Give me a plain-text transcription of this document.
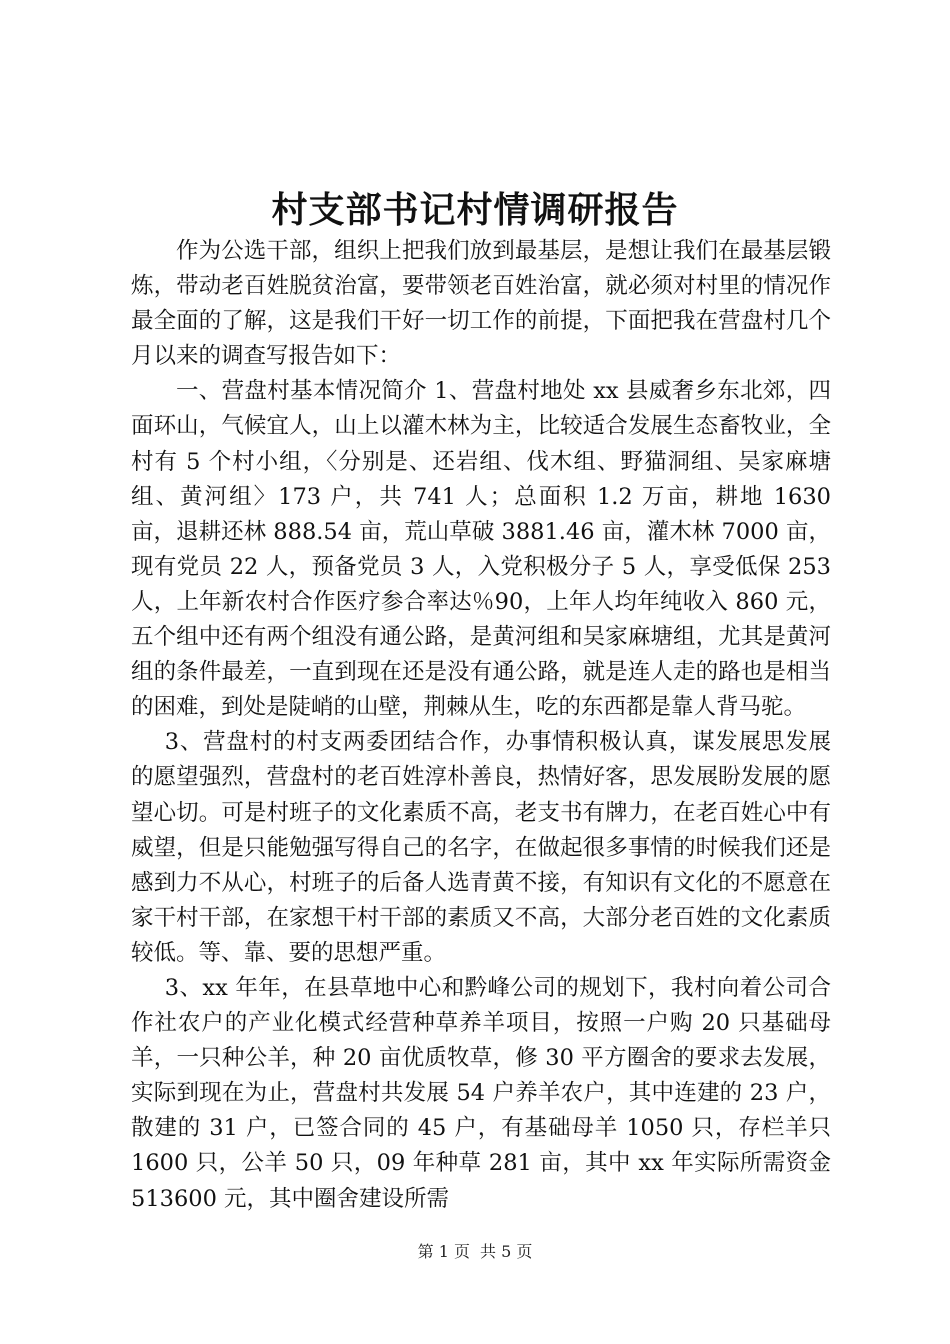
村支部书记村情调研报告

作为公选干部，组织上把我们放到最基层，是想让我们在最基层锻炼，带动老百姓脱贫治富，要带领老百姓治富，就必须对村里的情况作最全面的了解，这是我们干好一切工作的前提，下面把我在营盘村几个月以来的调查写报告如下：

一、营盘村基本情况简介 1、营盘村地处 xx 县威奢乡东北郊，四面环山，气候宜人，山上以灌木林为主，比较适合发展生态畜牧业，全村有 5 个村小组，〈分别是、还岩组、伐木组、野猫洞组、吴家麻塘组、黄河组〉173 户，共 741 人；总面积 1.2 万亩，耕地 1630 亩，退耕还林 888.54 亩，荒山草破 3881.46 亩，灌木林 7000 亩，现有党员 22 人，预备党员 3 人，入党积极分子 5 人，享受低保 253 人，上年新农村合作医疗参合率达％90，上年人均年纯收入 860 元，五个组中还有两个组没有通公路，是黄河组和吴家麻塘组，尤其是黄河组的条件最差，一直到现在还是没有通公路，就是连人走的路也是相当的困难，到处是陡峭的山壁，荆棘从生，吃的东西都是靠人背马驼。

3、营盘村的村支两委团结合作，办事情积极认真，谋发展思发展的愿望强烈，营盘村的老百姓淳朴善良，热情好客，思发展盼发展的愿望心切。可是村班子的文化素质不高，老支书有牌力，在老百姓心中有威望，但是只能勉强写得自己的名字，在做起很多事情的时候我们还是感到力不从心，村班子的后备人选青黄不接，有知识有文化的不愿意在家干村干部，在家想干村干部的素质又不高，大部分老百姓的文化素质较低。等、靠、要的思想严重。

3、xx 年年，在县草地中心和黔峰公司的规划下，我村向着公司合作社农户的产业化模式经营种草养羊项目，按照一户购 20 只基础母羊，一只种公羊，种 20 亩优质牧草，修 30 平方圈舍的要求去发展，实际到现在为止，营盘村共发展 54 户养羊农户，其中连建的 23 户，散建的 31 户，已签合同的 45 户，有基础母羊 1050 只，存栏羊只 1600 只，公羊 50 只，09 年种草 281 亩，其中 xx 年实际所需资金 513600 元，其中圈舍建设所需

第 1 页 共 5 页
